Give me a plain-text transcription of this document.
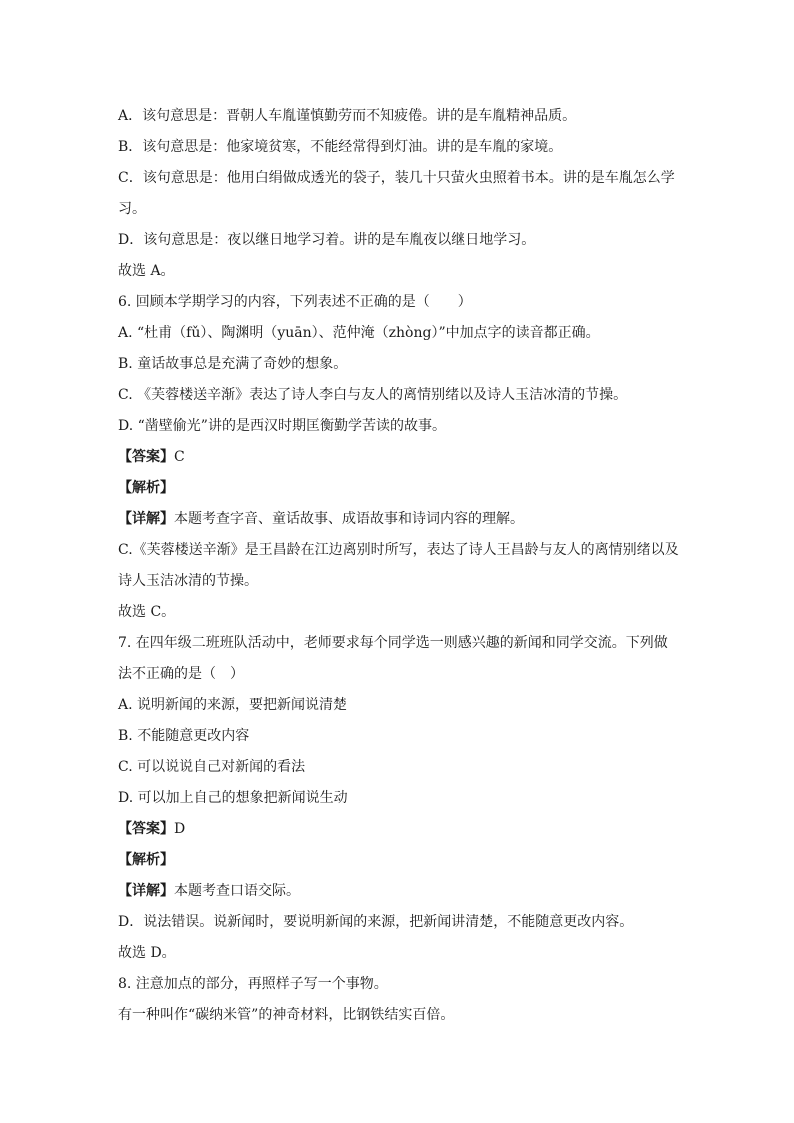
A．该句意思是：晋朝人车胤谨慎勤劳而不知疲倦。讲的是车胤精神品质。
B．该句意思是：他家境贫寒，不能经常得到灯油。讲的是车胤的家境。
C．该句意思是：他用白绢做成透光的袋子，装几十只萤火虫照着书本。讲的是车胤怎么学
习。
D．该句意思是：夜以继日地学习着。讲的是车胤夜以继日地学习。
故选 A。
6. 回顾本学期学习的内容，下列表述不正确的是（　　）
A. “杜甫（fǔ）、陶渊明（yuān）、范仲淹（zhòng）”中加点字的读音都正确。
B. 童话故事总是充满了奇妙的想象。
C. 《芙蓉楼送辛渐》表达了诗人李白与友人的离情别绪以及诗人玉洁冰清的节操。
D. “凿壁偷光”讲的是西汉时期匡衡勤学苦读的故事。
【答案】C
【解析】
【详解】本题考查字音、童话故事、成语故事和诗词内容的理解。
C.《芙蓉楼送辛渐》是王昌龄在江边离别时所写，表达了诗人王昌龄与友人的离情别绪以及
诗人玉洁冰清的节操。
故选 C。
7. 在四年级二班班队活动中，老师要求每个同学选一则感兴趣的新闻和同学交流。下列做
法不正确的是（　）
A. 说明新闻的来源，要把新闻说清楚
B. 不能随意更改内容
C. 可以说说自己对新闻的看法
D. 可以加上自己的想象把新闻说生动
【答案】D
【解析】
【详解】本题考查口语交际。
D．说法错误。说新闻时，要说明新闻的来源，把新闻讲清楚，不能随意更改内容。
故选 D。
8. 注意加点的部分，再照样子写一个事物。
有一种叫作“碳纳米管”的神奇材料，比钢铁结实百倍。
